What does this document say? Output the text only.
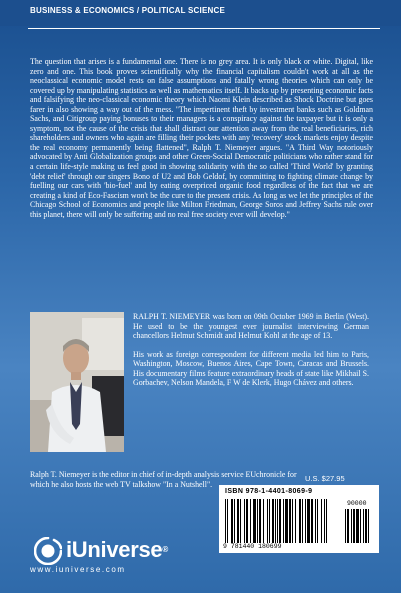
BUSINESS & ECONOMICS / POLITICAL SCIENCE

The question that arises is a fundamental one. There is no grey area. It is only black or white. Digital, like zero and one. This book proves scientifically why the financial capitalism couldn't work at all as the neoclassical economic model rests on false assumptions and fatally wrong theories which can only be covered up by manipulating statistics as well as mathematics itself. It backs up by presenting economic facts and falsifying the neo-classical economic theory which Naomi Klein described as Shock Doctrine but goes farer in also showing a way out of the mess. "The impertinent theft by investment banks such as Goldman Sachs, and Citigroup paying bonuses to their managers is a conspiracy against the taxpayer but it is only a symptom, not the cause of the crisis that shall distract our attention away from the real beneficiaries, rich shareholders and owners who again are filling their pockets with any 'recovery' stock markets enjoy despite the real economy permanently being flattened", Ralph T. Niemeyer argues. "A Third Way notoriously advocated by Anti Globalization groups and other Green-Social Democratic politicians who rather stand for a certain life-style making us feel good in showing solidarity with the so called 'Third World' by granting 'debt relief' through our singers Bono of U2 and Bob Geldof, by committing to fighting climate change by fuelling our cars with 'bio-fuel' and by eating overpriced organic food regardless of the fact that we are creating a kind of Eco-Fascism won't be the cure to the present crisis. As long as we let the principles of the Chicago School of Economics and people like Milton Friedman, George Soros and Jeffrey Sachs rule over this planet, there will only be suffering and no real free society ever will develop."

RALPH T. NIEMEYER was born on 09th October 1969 in Berlin (West). He used to be the youngest ever journalist interviewing German chancellors Helmut Schmidt and Helmut Kohl at the age of 13.

His work as foreign correspondent for different media led him to Paris, Washington, Moscow, Buenos Aires, Cape Town, Caracas and Brussels. His documentary films feature extraordinary heads of state like Mikhail S. Gorbachev, Nelson Mandela, F W de Klerk, Hugo Chávez and others.

Ralph T. Niemeyer is the editor in chief of in-depth analysis service EUchronicle for which he also hosts the web TV talkshow "In a Nutshell".

U.S. $27.95

ISBN 978-1-4401-8069-9
90000
9 781440 180699
iUniverse®
www.iuniverse.com
